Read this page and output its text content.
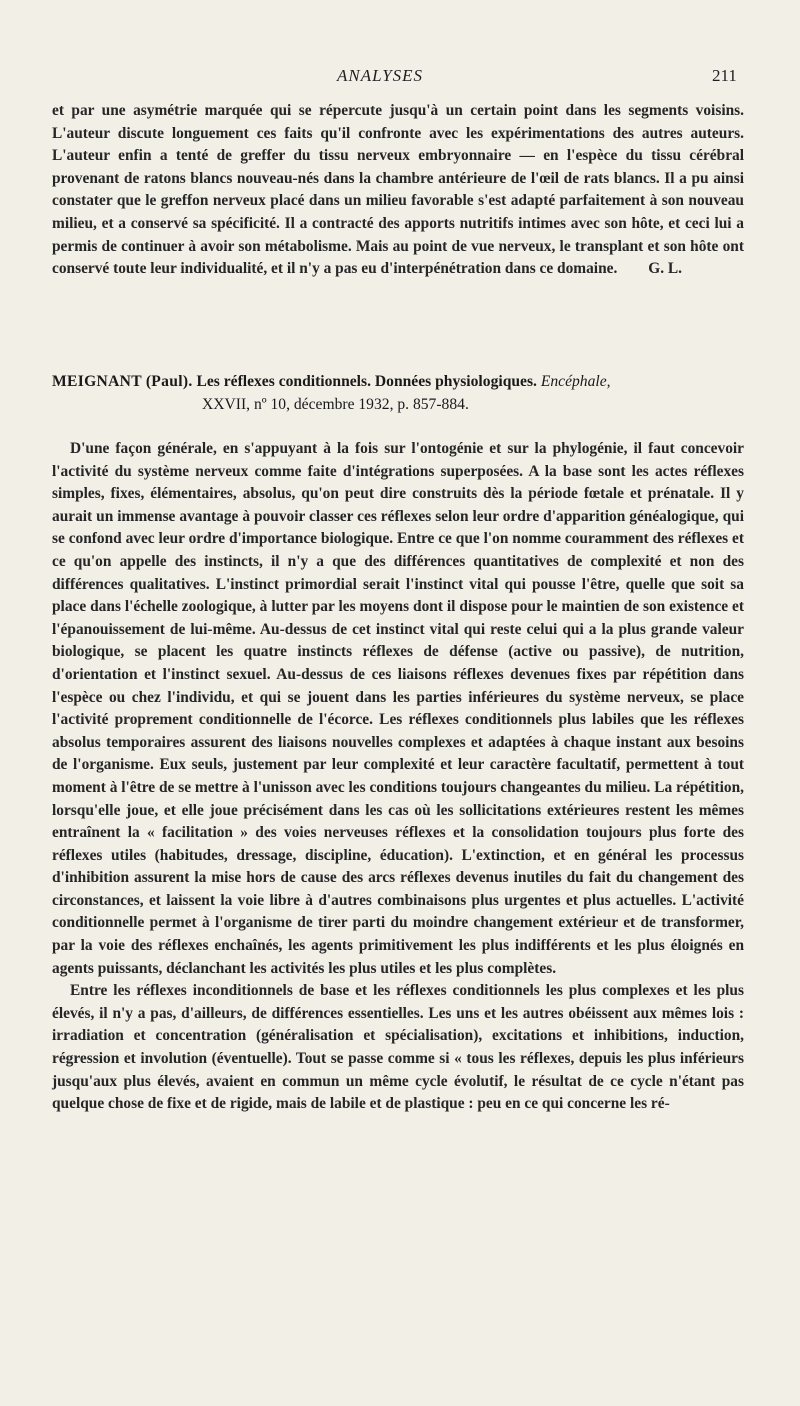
ANALYSES	211

et par une asymétrie marquée qui se répercute jusqu'à un certain point dans les segments voisins. L'auteur discute longuement ces faits qu'il confronte avec les expérimentations des autres auteurs. L'auteur enfin a tenté de greffer du tissu nerveux embryonnaire — en l'espèce du tissu cérébral provenant de ratons blancs nouveau-nés dans la chambre antérieure de l'œil de rats blancs. Il a pu ainsi constater que le greffon nerveux placé dans un milieu favorable s'est adapté parfaitement à son nouveau milieu, et a conservé sa spécificité. Il a contracté des apports nutritifs intimes avec son hôte, et ceci lui a permis de continuer à avoir son métabolisme. Mais au point de vue nerveux, le transplant et son hôte ont conservé toute leur individualité, et il n'y a pas eu d'interpénétration dans ce domaine.	G. L.
MEIGNANT (Paul). Les réflexes conditionnels. Données physiologiques. Encéphale,
XXVII, nº 10, décembre 1932, p. 857-884.

D'une façon générale, en s'appuyant à la fois sur l'ontogénie et sur la phylogénie, il faut concevoir l'activité du système nerveux comme faite d'intégrations superposées. A la base sont les actes réflexes simples, fixes, élémentaires, absolus, qu'on peut dire construits dès la période fœtale et prénatale. Il y aurait un immense avantage à pouvoir classer ces réflexes selon leur ordre d'apparition généalogique, qui se confond avec leur ordre d'importance biologique. Entre ce que l'on nomme couramment des réflexes et ce qu'on appelle des instincts, il n'y a que des différences quantitatives de complexité et non des différences qualitatives. L'instinct primordial serait l'instinct vital qui pousse l'être, quelle que soit sa place dans l'échelle zoologique, à lutter par les moyens dont il dispose pour le maintien de son existence et l'épanouissement de lui-même. Au-dessus de cet instinct vital qui reste celui qui a la plus grande valeur biologique, se placent les quatre instincts réflexes de défense (active ou passive), de nutrition, d'orientation et l'instinct sexuel. Au-dessus de ces liaisons réflexes devenues fixes par répétition dans l'espèce ou chez l'individu, et qui se jouent dans les parties inférieures du système nerveux, se place l'activité proprement conditionnelle de l'écorce. Les réflexes conditionnels plus labiles que les réflexes absolus temporaires assurent des liaisons nouvelles complexes et adaptées à chaque instant aux besoins de l'organisme. Eux seuls, justement par leur complexité et leur caractère facultatif, permettent à tout moment à l'être de se mettre à l'unisson avec les conditions toujours changeantes du milieu. La répétition, lorsqu'elle joue, et elle joue précisément dans les cas où les sollicitations extérieures restent les mêmes entraînent la « facilitation » des voies nerveuses réflexes et la consolidation toujours plus forte des réflexes utiles (habitudes, dressage, discipline, éducation). L'extinction, et en général les processus d'inhibition assurent la mise hors de cause des arcs réflexes devenus inutiles du fait du changement des circonstances, et laissent la voie libre à d'autres combinaisons plus urgentes et plus actuelles. L'activité conditionnelle permet à l'organisme de tirer parti du moindre changement extérieur et de transformer, par la voie des réflexes enchaînés, les agents primitivement les plus indifférents et les plus éloignés en agents puissants, déclanchant les activités les plus utiles et les plus complètes.

Entre les réflexes inconditionnels de base et les réflexes conditionnels les plus complexes et les plus élevés, il n'y a pas, d'ailleurs, de différences essentielles. Les uns et les autres obéissent aux mêmes lois : irradiation et concentration (généralisation et spécialisation), excitations et inhibitions, induction, régression et involution (éventuelle). Tout se passe comme si « tous les réflexes, depuis les plus inférieurs jusqu'aux plus élevés, avaient en commun un même cycle évolutif, le résultat de ce cycle n'étant pas quelque chose de fixe et de rigide, mais de labile et de plastique : peu en ce qui concerne les ré-
